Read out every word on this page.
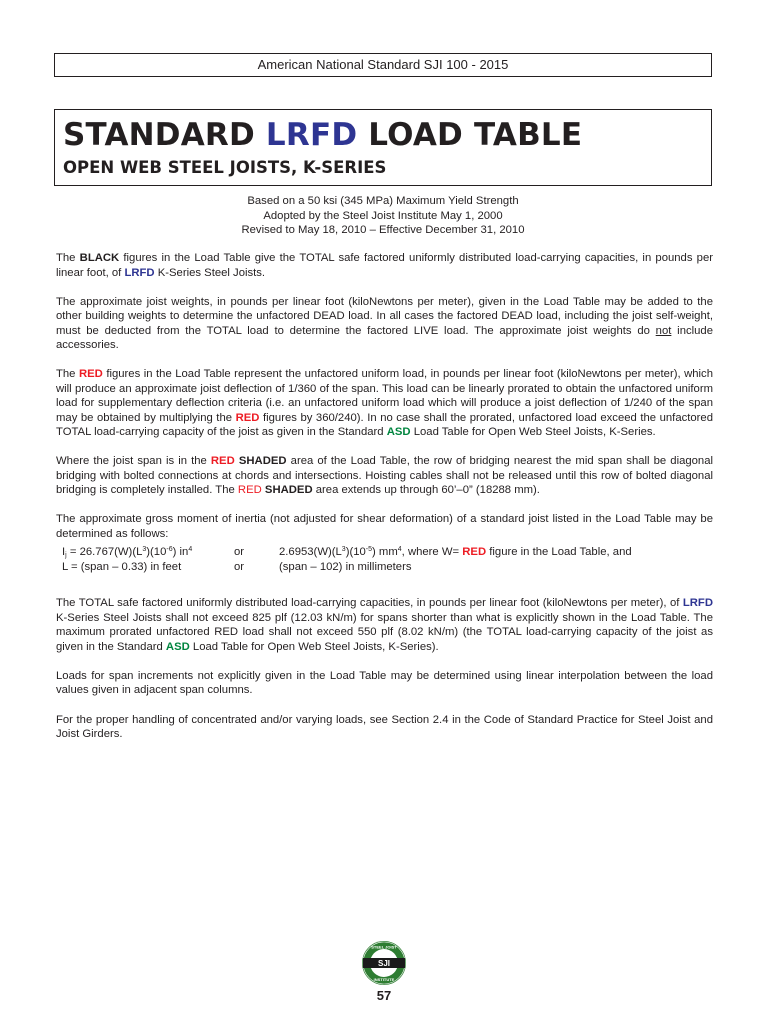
American National Standard SJI 100 - 2015
STANDARD LRFD LOAD TABLE
OPEN WEB STEEL JOISTS, K-SERIES
Based on a 50 ksi (345 MPa) Maximum Yield Strength
Adopted by the Steel Joist Institute May 1, 2000
Revised to May 18, 2010 – Effective December 31, 2010

The BLACK figures in the Load Table give the TOTAL safe factored uniformly distributed load-carrying capacities, in pounds per linear foot, of LRFD K-Series Steel Joists.

The approximate joist weights, in pounds per linear foot (kiloNewtons per meter), given in the Load Table may be added to the other building weights to determine the unfactored DEAD load. In all cases the factored DEAD load, including the joist self-weight, must be deducted from the TOTAL load to determine the factored LIVE load. The approximate joist weights do not include accessories.

The RED figures in the Load Table represent the unfactored uniform load, in pounds per linear foot (kiloNewtons per meter), which will produce an approximate joist deflection of 1/360 of the span. This load can be linearly prorated to obtain the unfactored uniform load for supplementary deflection criteria (i.e. an unfactored uniform load which will produce a joist deflection of 1/240 of the span may be obtained by multiplying the RED figures by 360/240). In no case shall the prorated, unfactored load exceed the unfactored TOTAL load-carrying capacity of the joist as given in the Standard ASD Load Table for Open Web Steel Joists, K-Series.

Where the joist span is in the RED SHADED area of the Load Table, the row of bridging nearest the mid span shall be diagonal bridging with bolted connections at chords and intersections. Hoisting cables shall not be released until this row of bolted diagonal bridging is completely installed. The RED SHADED area extends up through 60’–0” (18288 mm).

The approximate gross moment of inertia (not adjusted for shear deformation) of a standard joist listed in the Load Table may be determined as follows:

$I_j = 26.767(W)(L^3)(10^{-6})$ $in^4$	or	$2.6953(W)(L^3)(10^{-5})$ $mm^4$, where W= RED figure in the Load Table, and
L = (span – 0.33) in feet	or	(span – 102) in millimeters

The TOTAL safe factored uniformly distributed load-carrying capacities, in pounds per linear foot (kiloNewtons per meter), of LRFD K-Series Steel Joists shall not exceed 825 plf (12.03 kN/m) for spans shorter than what is explicitly shown in the Load Table. The maximum prorated unfactored RED load shall not exceed 550 plf (8.02 kN/m) (the TOTAL load-carrying capacity of the joist as given in the Standard ASD Load Table for Open Web Steel Joists, K-Series).

Loads for span increments not explicitly given in the Load Table may be determined using linear interpolation between the load values given in adjacent span columns.

For the proper handling of concentrated and/or varying loads, see Section 2.4 in the Code of Standard Practice for Steel Joist and Joist Girders.

SJI
STEEL JOIST
INSTITUTE
57
